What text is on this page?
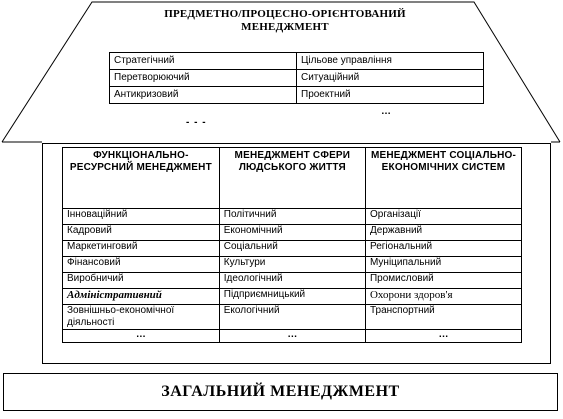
ПРЕДМЕТНО/ПРОЦЕСНО-ОРІЄНТОВАНИЙ
МЕНЕДЖМЕНТ
Стратегічний	Цільове управління
Перетворюючий	Ситуаційний
Антикризовий	Проектний
- - -
…
ФУНКЦІОНАЛЬНО-РЕСУРСНИЙ МЕНЕДЖМЕНТ	МЕНЕДЖМЕНТ СФЕРИ ЛЮДСЬКОГО ЖИТТЯ	МЕНЕДЖМЕНТ СОЦІАЛЬНО-ЕКОНОМІЧНИХ СИСТЕМ
Інноваційний	Політичний	Організації
Кадровий	Економічний	Державний
Маркетинговий	Соціальний	Регіональний
Фінансовий	Культури	Муніципальний
Виробничий	Ідеологічний	Промисловий
Адміністративний	Підприємницький	Охорони здоров'я
Зовнішньо-економічної діяльності	Екологічний	Транспортний
…	…	…
ЗАГАЛЬНИЙ МЕНЕДЖМЕНТ
